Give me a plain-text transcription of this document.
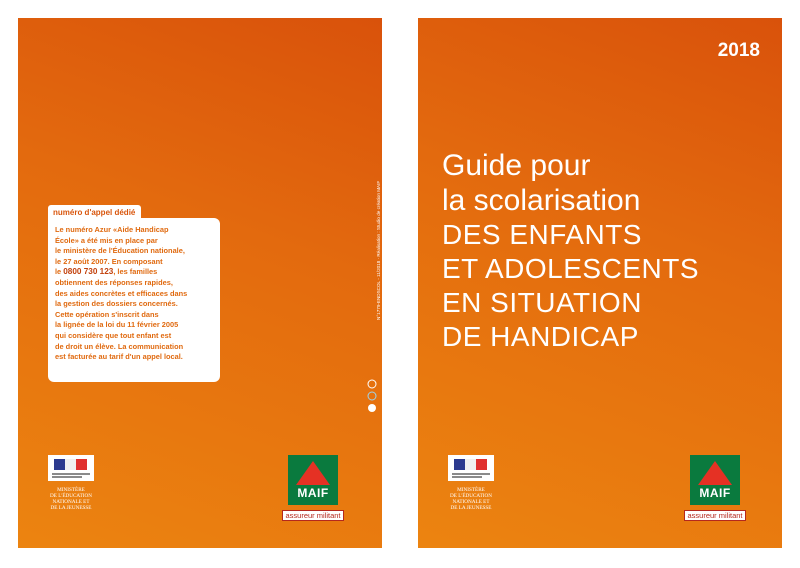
numéro d'appel dédié
Le numéro Azur «Aide Handicap
École» a été mis en place par
le ministère de l'Éducation nationale,
le 27 août 2007. En composant
le 0800 730 123, les familles
obtiennent des réponses rapides,
des aides concrètes et efficaces dans
la gestion des dossiers concernés.
Cette opération s'inscrit dans
la lignée de la loi du 11 février 2005
qui considère que tout enfant est
de droit un élève. La communication
est facturée au tarif d'un appel local.
N°1779-ENDSCOL - 11/2018 · Réalisation : Studio de création MAIF
MINISTÈRE
DE L'ÉDUCATION
NATIONALE ET
DE LA JEUNESSE
MAIF
assureur militant
2018
Guide pour
la scolarisation
DES ENFANTS
ET ADOLESCENTS
EN SITUATION
DE HANDICAP
MINISTÈRE
DE L'ÉDUCATION
NATIONALE ET
DE LA JEUNESSE
MAIF
assureur militant
